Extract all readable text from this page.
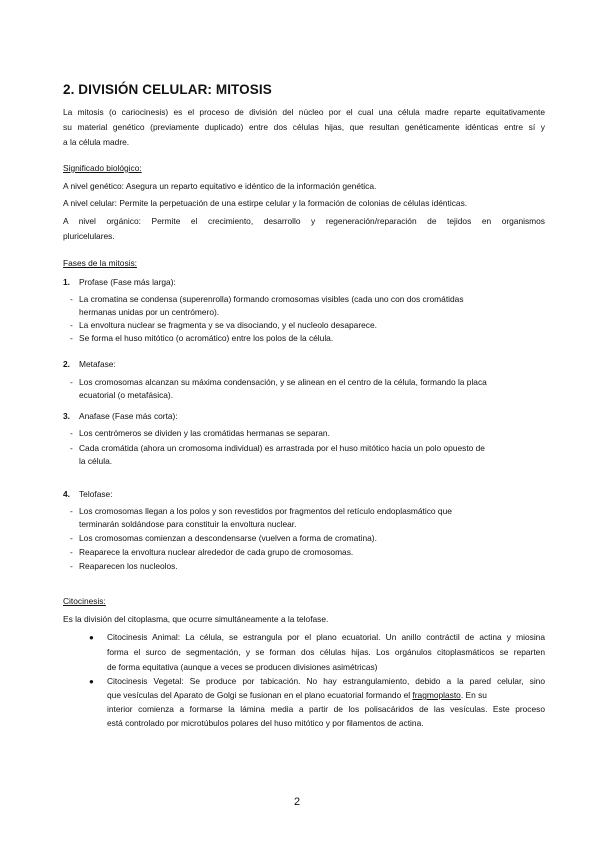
2. DIVISIÓN CELULAR: MITOSIS
La mitosis (o cariocinesis) es el proceso de división del núcleo por el cual una célula madre reparte equitativamente
su material genético (previamente duplicado) entre dos células hijas, que resultan genéticamente idénticas entre sí y
a la célula madre.
Significado biológico:
A nivel genético: Asegura un reparto equitativo e idéntico de la información genética.
A nivel celular: Permite la perpetuación de una estirpe celular y la formación de colonias de células idénticas.
A nivel orgánico: Permite el crecimiento, desarrollo y regeneración/reparación de tejidos en organismos
pluricelulares.
Fases de la mitosis:
1. Profase (Fase más larga):
- La cromatina se condensa (superenrolla) formando cromosomas visibles (cada uno con dos cromátidas
hermanas unidas por un centrómero).
- La envoltura nuclear se fragmenta y se va disociando, y el nucleolo desaparece.
- Se forma el huso mitótico (o acromático) entre los polos de la célula.
2. Metafase:
- Los cromosomas alcanzan su máxima condensación, y se alinean en el centro de la célula, formando la placa
ecuatorial (o metafásica).
3. Anafase (Fase más corta):
- Los centrómeros se dividen y las cromátidas hermanas se separan.
- Cada cromátida (ahora un cromosoma individual) es arrastrada por el huso mitótico hacia un polo opuesto de
la célula.
4. Telofase:
- Los cromosomas llegan a los polos y son revestidos por fragmentos del retículo endoplasmático que
terminarán soldándose para constituir la envoltura nuclear.
- Los cromosomas comienzan a descondensarse (vuelven a forma de cromatina).
- Reaparece la envoltura nuclear alrededor de cada grupo de cromosomas.
- Reaparecen los nucleolos.
Citocinesis:
Es la división del citoplasma, que ocurre simultáneamente a la telofase.
● Citocinesis Animal: La célula, se estrangula por el plano ecuatorial. Un anillo contráctil de actina y miosina
forma el surco de segmentación, y se forman dos células hijas. Los orgánulos citoplasmáticos se reparten
de forma equitativa (aunque a veces se producen divisiones asimétricas)
● Citocinesis Vegetal: Se produce por tabicación. No hay estrangulamiento, debido a la pared celular, sino
que vesículas del Aparato de Golgi se fusionan en el plano ecuatorial formando el fragmoplasto. En su
interior comienza a formarse la lámina media a partir de los polisacáridos de las vesículas. Este proceso
está controlado por microtúbulos polares del huso mitótico y por filamentos de actina.
2
